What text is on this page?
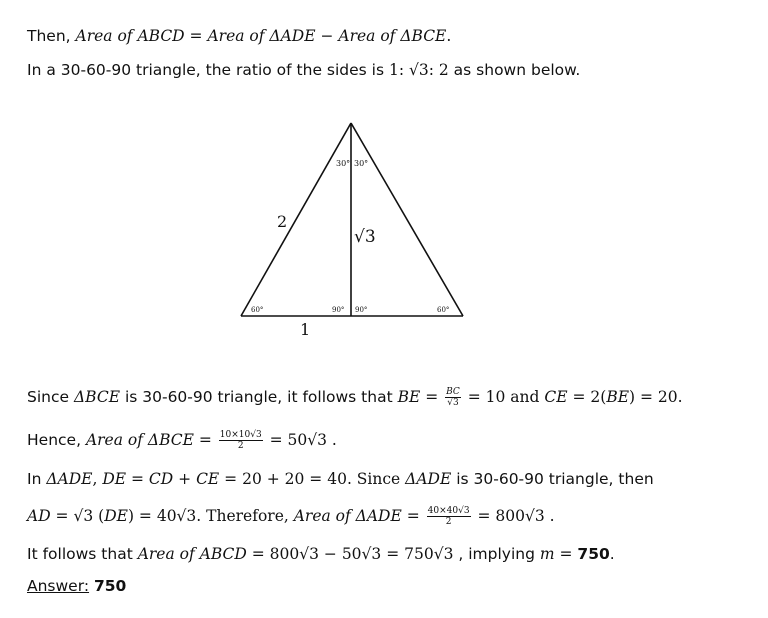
Then, Area of ABCD = Area of ΔADE − Area of ΔBCE.
In a 30-60-90 triangle, the ratio of the sides is 1: √3: 2 as shown below.
30° 30°
2
√3
1
60°	90° 90°	60°
Since ΔBCE is 30-60-90 triangle, it follows that BE = $\frac{BC}{√3} = 10$ and CE = 2(BE) = 20.
Hence, Area of $\Delta BCE = \frac{10\times 10√3}{2} = 50√3$ .
In ΔADE, DE = CD + CE = 20 + 20 = 40. Since ΔADE is 30-60-90 triangle, then
AD = √3 (DE) = 40√3. Therefore, Area of $\Delta ADE = \frac{40\times 40√3}{2} = 800√3$ .
It follows that Area of ABCD = 800√3 − 50√3 = 750√3 , implying m = 750.
Answer: 750
